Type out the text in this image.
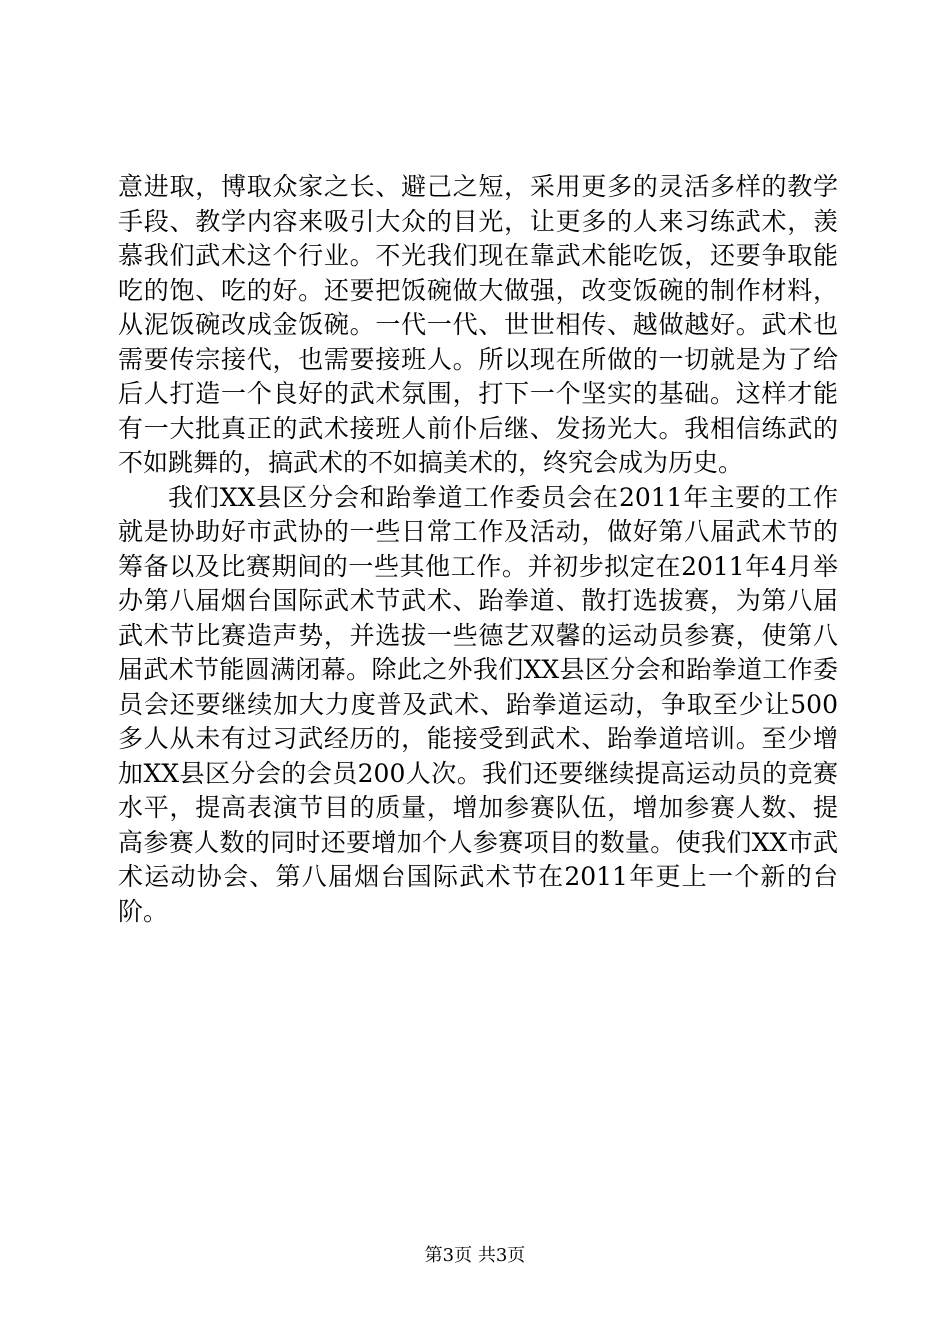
意进取，博取众家之长、避己之短，采用更多的灵活多样的教学手段、教学内容来吸引大众的目光，让更多的人来习练武术，羡慕我们武术这个行业。不光我们现在靠武术能吃饭，还要争取能吃的饱、吃的好。还要把饭碗做大做强，改变饭碗的制作材料，从泥饭碗改成金饭碗。一代一代、世世相传、越做越好。武术也需要传宗接代，也需要接班人。所以现在所做的一切就是为了给后人打造一个良好的武术氛围，打下一个坚实的基础。这样才能有一大批真正的武术接班人前仆后继、发扬光大。我相信练武的不如跳舞的，搞武术的不如搞美术的，终究会成为历史。

我们XX县区分会和跆拳道工作委员会在2011年主要的工作就是协助好市武协的一些日常工作及活动，做好第八届武术节的筹备以及比赛期间的一些其他工作。并初步拟定在2011年4月举办第八届烟台国际武术节武术、跆拳道、散打选拔赛，为第八届武术节比赛造声势，并选拔一些德艺双馨的运动员参赛，使第八届武术节能圆满闭幕。除此之外我们XX县区分会和跆拳道工作委员会还要继续加大力度普及武术、跆拳道运动，争取至少让500多人从未有过习武经历的，能接受到武术、跆拳道培训。至少增加XX县区分会的会员200人次。我们还要继续提高运动员的竞赛水平，提高表演节目的质量，增加参赛队伍，增加参赛人数、提高参赛人数的同时还要增加个人参赛项目的数量。使我们XX市武术运动协会、第八届烟台国际武术节在2011年更上一个新的台阶。

第3页 共3页
